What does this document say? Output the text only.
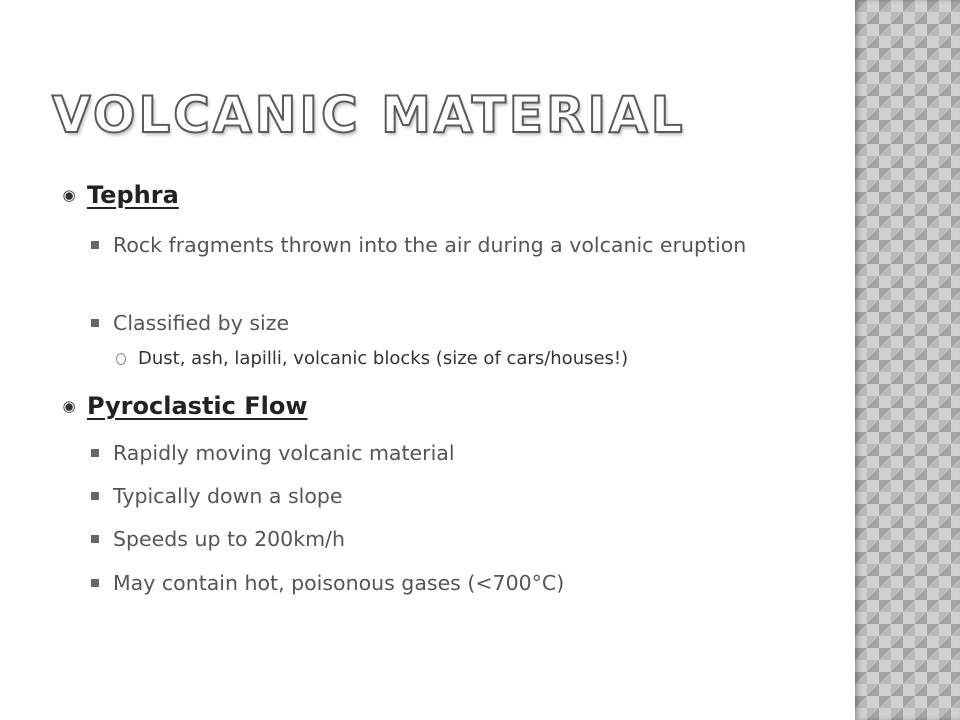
VOLCANIC MATERIAL
◉ Tephra
Rock fragments thrown into the air during a volcanic eruption
Classified by size
Dust, ash, lapilli, volcanic blocks (size of cars/houses!)
◉ Pyroclastic Flow
Rapidly moving volcanic material
Typically down a slope
Speeds up to 200km/h
May contain hot, poisonous gases (<700°C)
